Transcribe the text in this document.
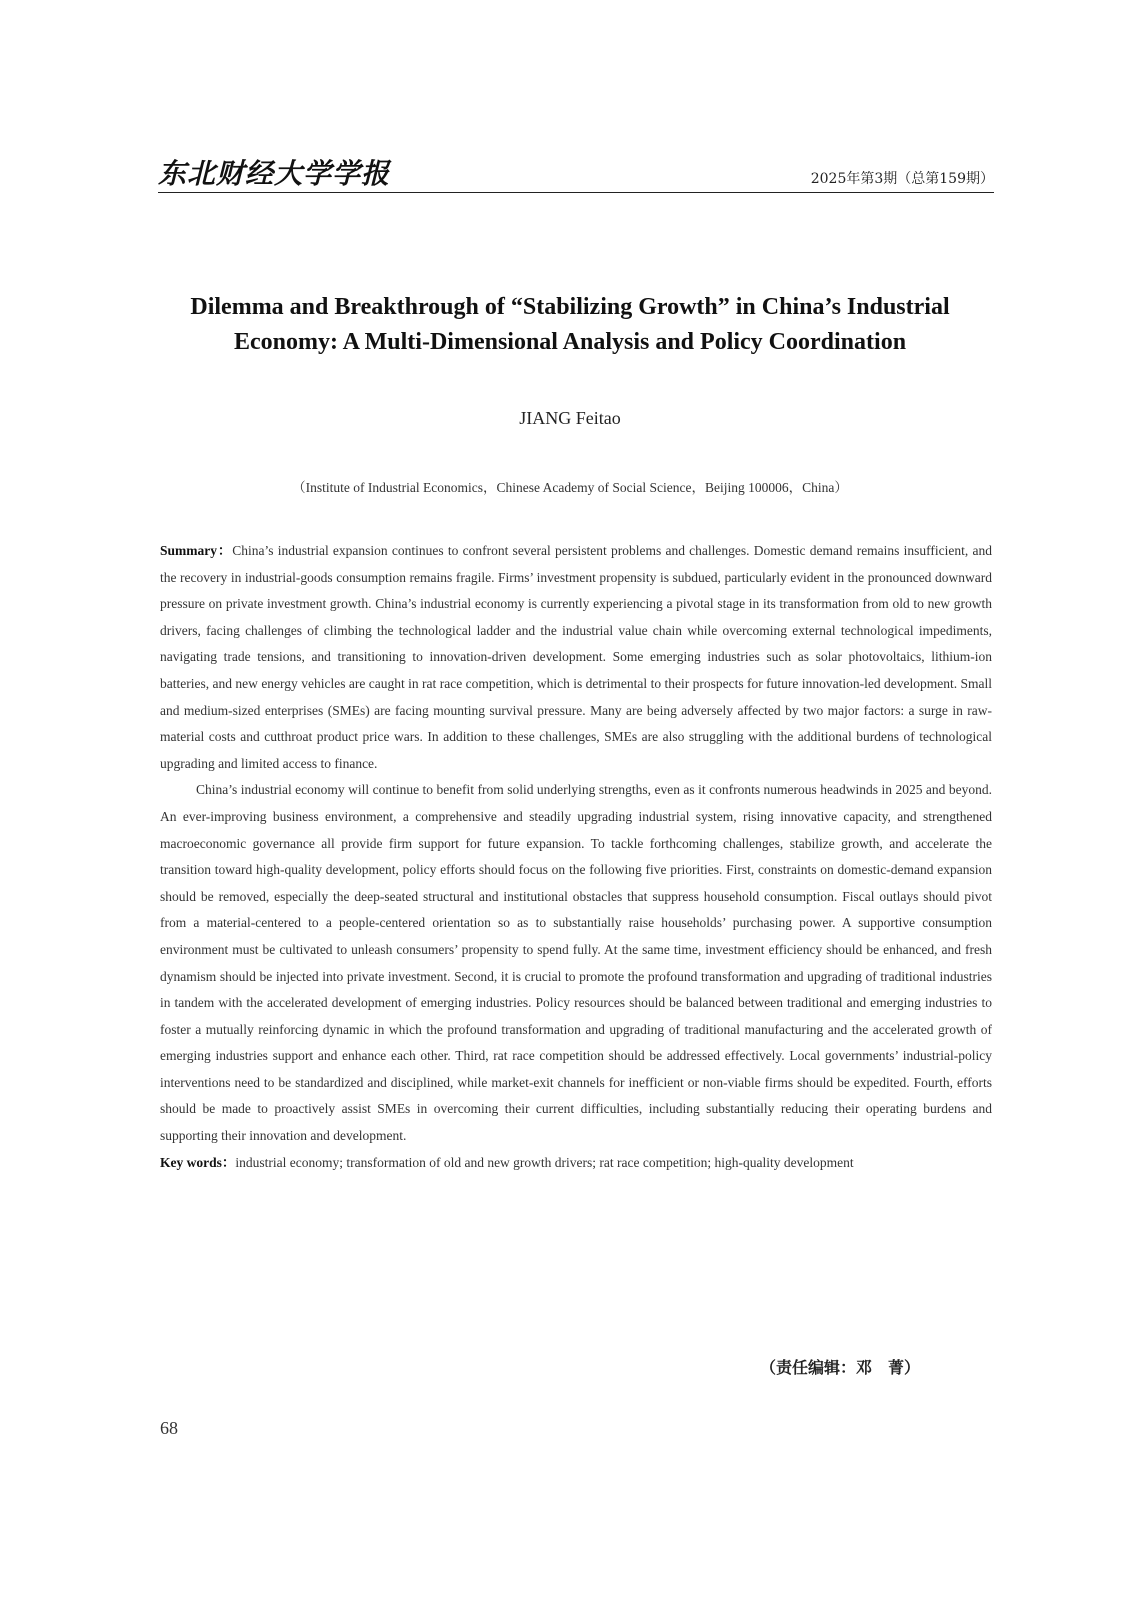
东北财经大学学报	2025年第3期（总第159期）
Dilemma and Breakthrough of “Stabilizing Growth” in China’s Industrial
Economy: A Multi-Dimensional Analysis and Policy Coordination
JIANG Feitao
（Institute of Industrial Economics，Chinese Academy of Social Science，Beijing 100006，China）

Summary：China’s industrial expansion continues to confront several persistent problems and challenges. Domestic demand remains insufficient, and the recovery in industrial-goods consumption remains fragile. Firms’ investment propensity is subdued, particularly evident in the pronounced downward pressure on private investment growth. China’s industrial economy is currently experiencing a pivotal stage in its transformation from old to new growth drivers, facing challenges of climbing the technological ladder and the industrial value chain while overcoming external technological impediments, navigating trade tensions, and transitioning to innovation-driven development. Some emerging industries such as solar photovoltaics, lithium-ion batteries, and new energy vehicles are caught in rat race competition, which is detrimental to their prospects for future innovation-led development. Small and medium-sized enterprises (SMEs) are facing mounting survival pressure. Many are being adversely affected by two major factors: a surge in raw-material costs and cutthroat product price wars. In addition to these challenges, SMEs are also struggling with the additional burdens of technological upgrading and limited access to finance.

China’s industrial economy will continue to benefit from solid underlying strengths, even as it confronts numerous headwinds in 2025 and beyond. An ever-improving business environment, a comprehensive and steadily upgrading industrial system, rising innovative capacity, and strengthened macroeconomic governance all provide firm support for future expansion. To tackle forthcoming challenges, stabilize growth, and accelerate the transition toward high-quality development, policy efforts should focus on the following five priorities. First, constraints on domestic-demand expansion should be removed, especially the deep-seated structural and institutional obstacles that suppress household consumption. Fiscal outlays should pivot from a material-centered to a people-centered orientation so as to substantially raise households’ purchasing power. A supportive consumption environment must be cultivated to unleash consumers’ propensity to spend fully. At the same time, investment efficiency should be enhanced, and fresh dynamism should be injected into private investment. Second, it is crucial to promote the profound transformation and upgrading of traditional industries in tandem with the accelerated development of emerging industries. Policy resources should be balanced between traditional and emerging industries to foster a mutually reinforcing dynamic in which the profound transformation and upgrading of traditional manufacturing and the accelerated growth of emerging industries support and enhance each other. Third, rat race competition should be addressed effectively. Local governments’ industrial-policy interventions need to be standardized and disciplined, while market-exit channels for inefficient or non-viable firms should be expedited. Fourth, efforts should be made to proactively assist SMEs in overcoming their current difficulties, including substantially reducing their operating burdens and supporting their innovation and development.

Key words：industrial economy; transformation of old and new growth drivers; rat race competition; high-quality development

（责任编辑：邓　菁）
68
